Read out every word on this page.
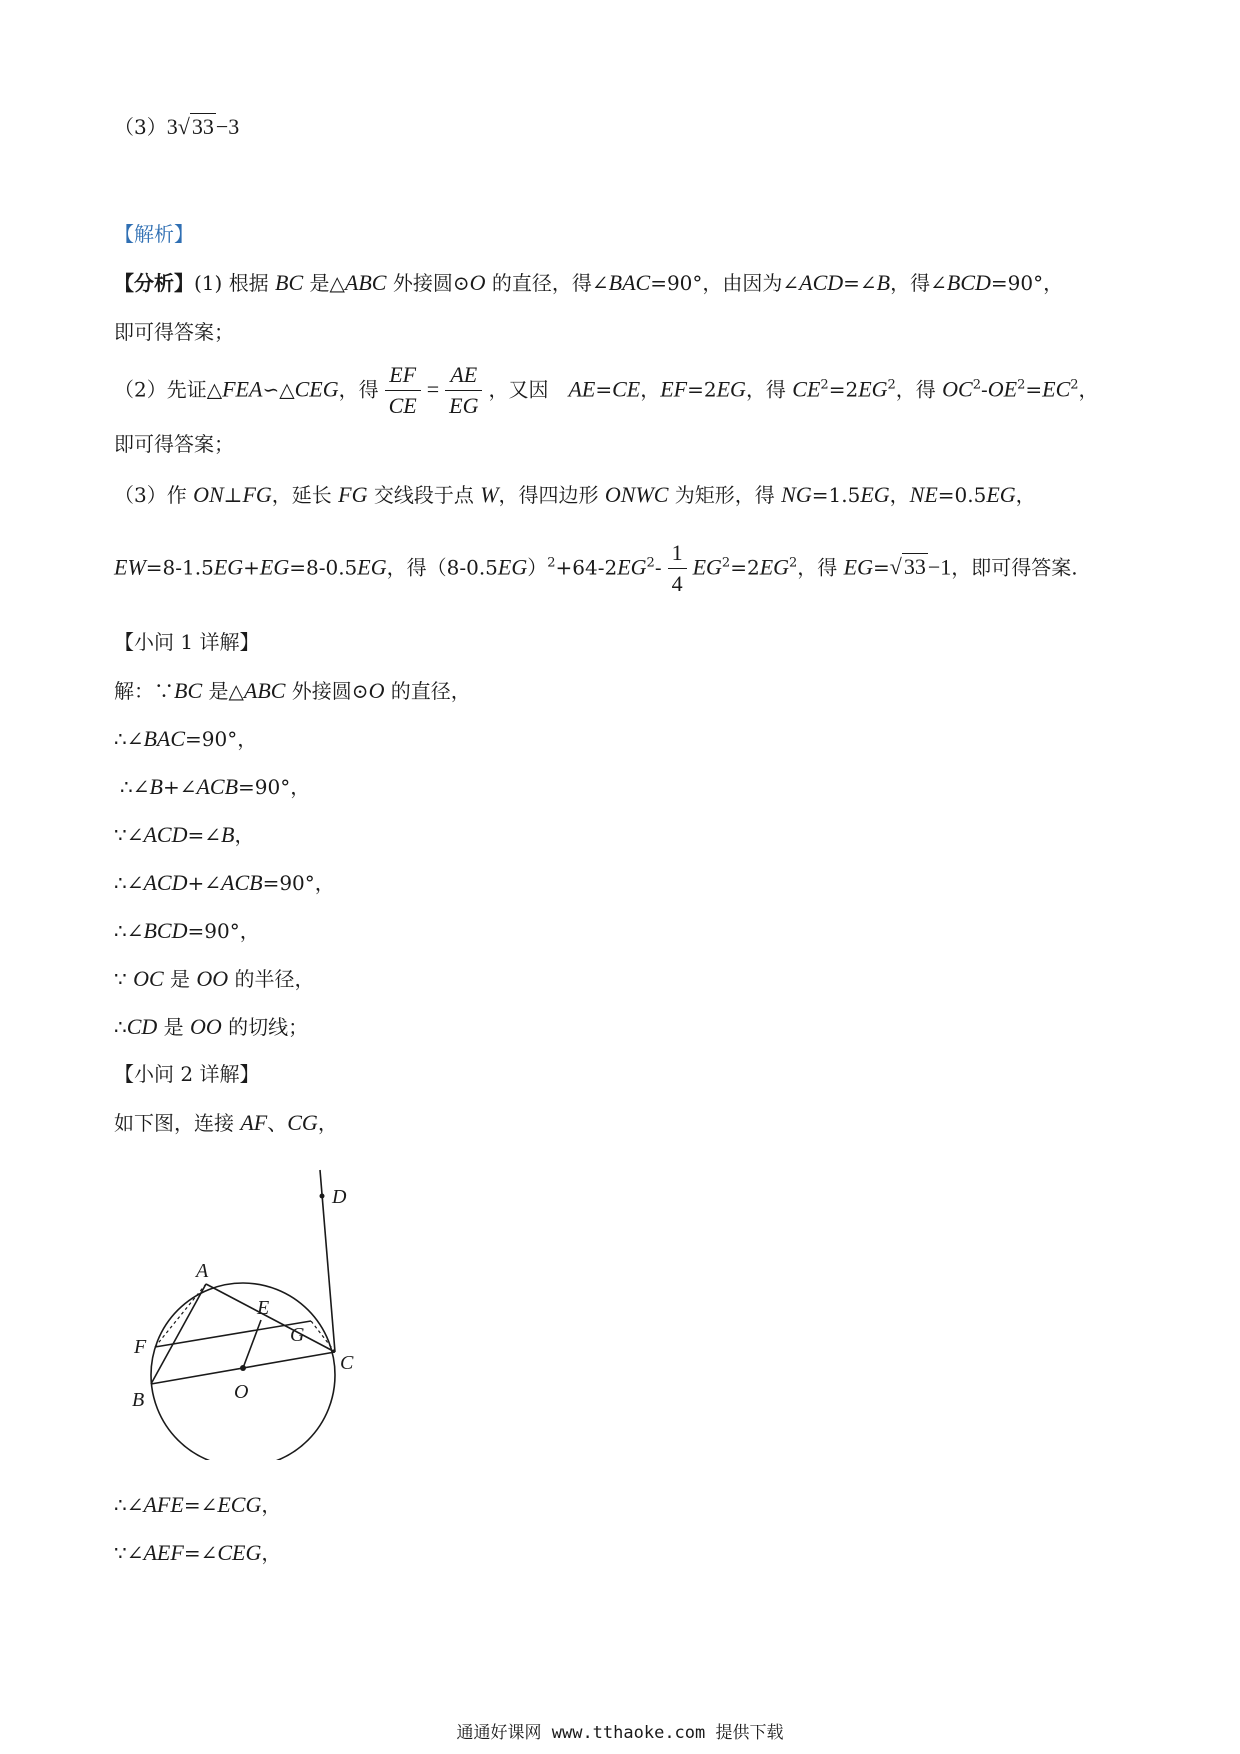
（3）3√33−3
【解析】
【分析】(1) 根据 BC 是△ABC 外接圆⊙O 的直径，得∠BAC=90°，由因为∠ACD=∠B，得∠BCD=90°，
即可得答案；
（2）先证△FEA∽△CEG，得 $\frac{EF}{CE} = \frac{AE}{EG}$ ，又因　AE=CE，EF=2EG，得 $CE^2=2EG^2$，得 $OC^2-OE^2=EC^2$，
即可得答案；
（3）作 ON⊥FG，延长 FG 交线段于点 W，得四边形 ONWC 为矩形，得 NG=1.5EG，NE=0.5EG，
EW=8-1.5EG+EG=8-0.5EG，得$(8-0.5EG)^2+64-2EG^2- \frac{1}{4} EG^2=2EG^2$，得 EG=√33−1，即可得答案.
【小问 1 详解】
解：∵BC 是△ABC 外接圆⊙O 的直径，
∴∠BAC=90°，
∴∠B+∠ACB=90°，
∵∠ACD=∠B，
∴∠ACD+∠ACB=90°，
∴∠BCD=90°，
∵ OC 是 OO 的半径，
∴CD 是 OO 的切线；
【小问 2 详解】
如下图，连接 AF、CG，
D
A
E
G
F
C
B	O
∴∠AFE=∠ECG，
∵∠AEF=∠CEG，
通通好课网 www.tthaoke.com 提供下载
